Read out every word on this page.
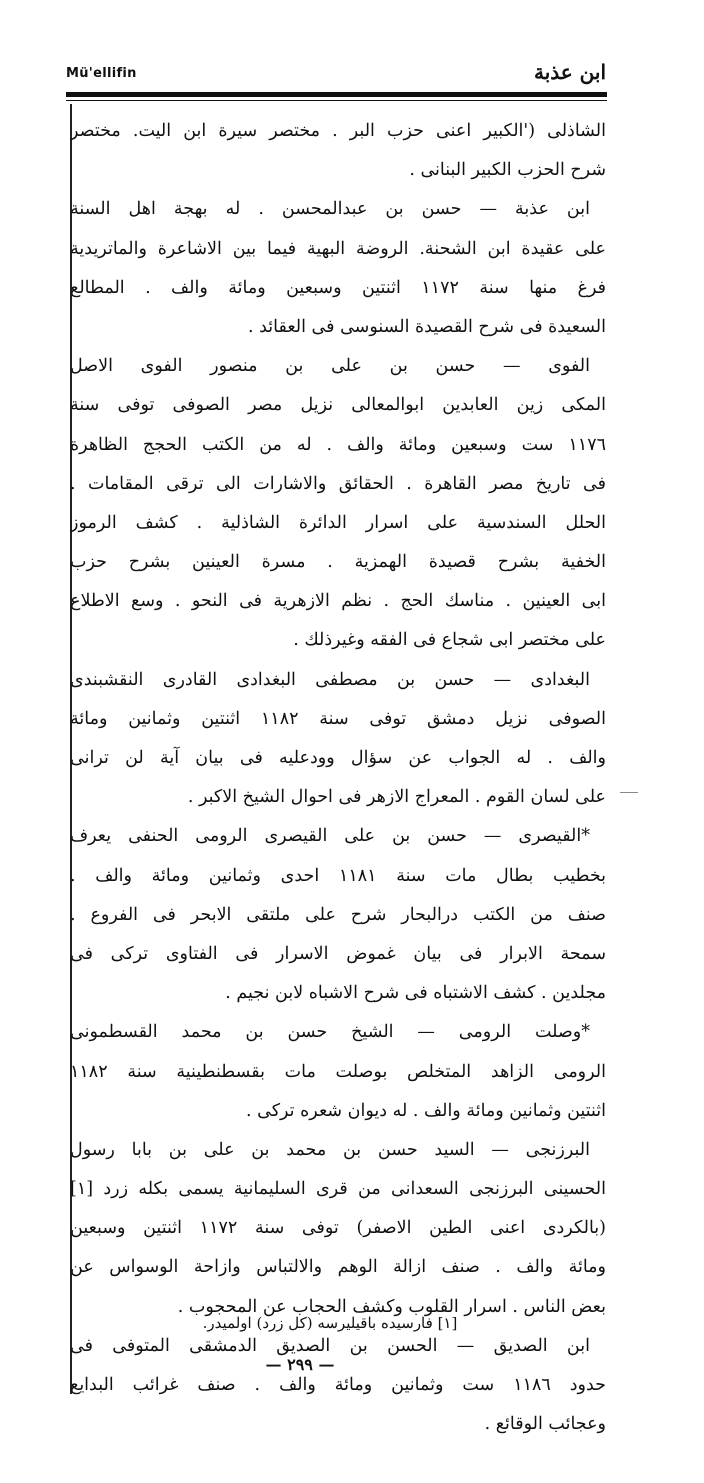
Mü'ellifin	ابن عذبة
الشاذلى ('الكبير اعنى حزب البر . مختصر سيرة ابن اليت. مختصر
شرح الحزب الكبير البنانى .
ابن عذبة — حسن بن عبدالمحسن . له بهجة اهل السنة
على عقيدة ابن الشحنة. الروضة البهية فيما بين الاشاعرة والماتريدية
فرغ منها سنة ١١٧٢ اثنتين وسبعين ومائة والف . المطالع
السعيدة فى شرح القصيدة السنوسى فى العقائد .
الفوى — حسن بن على بن منصور الفوى الاصل
المكى زين العابدين ابوالمعالى نزيل مصر الصوفى توفى سنة
١١٧٦ ست وسبعين ومائة والف . له من الكتب الحجج الظاهرة
فى تاريخ مصر القاهرة . الحقائق والاشارات الى ترقى المقامات .
الحلل السندسية على اسرار الدائرة الشاذلية . كشف الرموز
الخفية بشرح قصيدة الهمزية . مسرة العينين بشرح حزب
ابى العينين . مناسك الحج . نظم الازهرية فى النحو . وسع الاطلاع
على مختصر ابى شجاع فى الفقه وغيرذلك .
البغدادى — حسن بن مصطفى البغدادى القادرى النقشبندى
الصوفى نزيل دمشق توفى سنة ١١٨٢ اثنتين وثمانين ومائة
والف . له الجواب عن سؤال وودعليه فى بيان آية لن ترانى
على لسان القوم . المعراج الازهر فى احوال الشيخ الاكبر .
*القيصرى — حسن بن على القيصرى الرومى الحنفى يعرف
بخطيب بطال مات سنة ١١٨١ احدى وثمانين ومائة والف .
صنف من الكتب درالبحار شرح على ملتقى الابحر فى الفروع .
سمحة الابرار فى بيان غموض الاسرار فى الفتاوى تركى فى
مجلدين . كشف الاشتباه فى شرح الاشباه لابن نجيم .
*وصلت الرومى — الشيخ حسن بن محمد القسطمونى
الرومى الزاهد المتخلص بوصلت مات بقسطنطينية سنة ١١٨٢
اثنتين وثمانين ومائة والف . له ديوان شعره تركى .
البرزنجى — السيد حسن بن محمد بن على بن بابا رسول
الحسينى البرزنجى السعدانى من قرى السليمانية يسمى بكله زرد [١]
(بالكردى اعنى الطين الاصفر) توفى سنة ١١٧٢ اثنتين وسبعين
ومائة والف . صنف ازالة الوهم والالتباس وازاحة الوسواس عن
بعض الناس . اسرار القلوب وكشف الحجاب عن المحجوب .
ابن الصديق — الحسن بن الصديق الدمشقى المتوفى فى
حدود ١١٨٦ ست وثمانين ومائة والف . صنف غرائب البدايع
وعجائب الوقائع .
[١] فارسيده باقيليرسه (كل زرد) اولميدر.
— ٢٩٩ —
